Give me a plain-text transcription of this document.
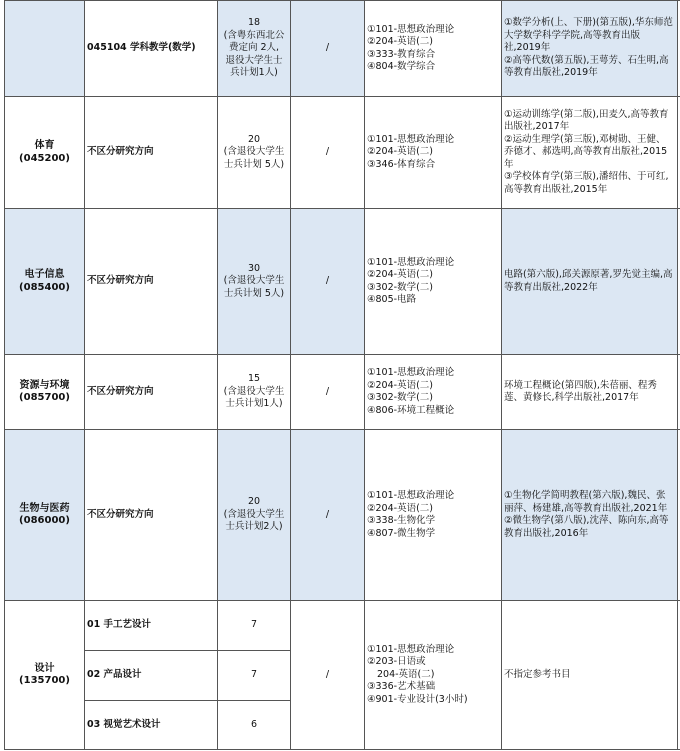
	045104 学科教学(数学)	18
(含粤东西北公
费定向 2人,
退役大学生士
兵计划1人)	/	①101-思想政治理论
②204-英语(二)
③333-教育综合
④804-数学综合	①数学分析(上、下册)(第五版),华东师范大学数学科学学院,高等教育出版社,2019年
②高等代数(第五版),王萼芳、石生明,高等教育出版社,2019年	

体育
(045200)	不区分研究方向	20
(含退役大学生
士兵计划 5人)	/	①101-思想政治理论
②204-英语(二)
③346-体育综合	①运动训练学(第二版),田麦久,高等教育出版社,2017年
②运动生理学(第三版),邓树勋、王健、乔德才、郝选明,高等教育出版社,2015年
③学校体育学(第三版),潘绍伟、于可红,高等教育出版社,2015年	

电子信息
(085400)	不区分研究方向	30
(含退役大学生
士兵计划 5人)	/	①101-思想政治理论
②204-英语(二)
③302-数学(二)
④805-电路	电路(第六版),邱关源原著,罗先觉主编,高等教育出版社,2022年	

资源与环境
(085700)	不区分研究方向	15
(含退役大学生
士兵计划1人)	/	①101-思想政治理论
②204-英语(二)
③302-数学(二)
④806-环境工程概论	环境工程概论(第四版),朱蓓丽、程秀莲、黄修长,科学出版社,2017年	

生物与医药
(086000)	不区分研究方向	20
(含退役大学生
士兵计划2人)	/	①101-思想政治理论
②204-英语(二)
③338-生物化学
④807-微生物学	①生物化学简明教程(第六版),魏民、张丽萍、杨建雄,高等教育出版社,2021年
②微生物学(第八版),沈萍、陈向东,高等教育出版社,2016年	

设计
(135700)	01 手工艺设计	7	/	①101-思想政治理论
②203-日语或
204-英语(二)
③336-艺术基础
④901-专业设计(3小时)	不指定参考书目	
	02 产品设计	7				
	03 视觉艺术设计	6				
